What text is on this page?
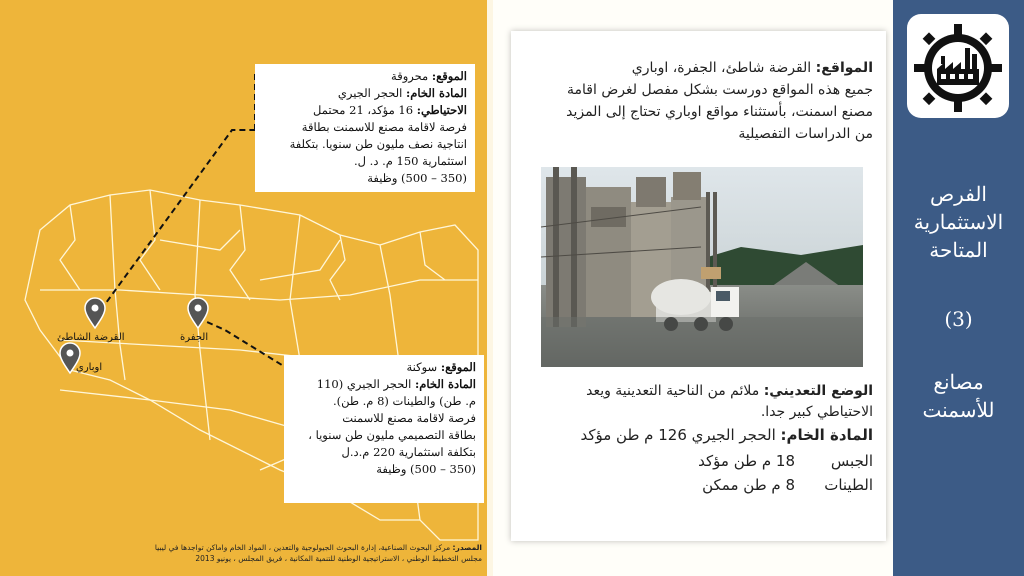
القرضة الشاطئ	الجفرة
اوباري
الموقع: محروقة
المادة الخام: الحجر الجيري
الاحتياطي: 16 مؤكد، 21 محتمل
فرصة لاقامة مصنع للاسمنت بطاقة
انتاجية نصف مليون طن سنويا. بتكلفة
استثمارية 150 م. د. ل.
(350 – 500) وظيفة
الموقع: سوكنة
المادة الخام: الحجر الجيري (110
م. طن) والطينات (8 م. طن).
فرصة لاقامة مصنع للاسمنت
بطاقة التصميمي مليون طن سنويا ،
بتكلفة استثمارية 220 م.د.ل
(350 – 500) وظيفة
المصدر: مركز البحوث الصناعية، إدارة البحوث الجيولوجية والتعدين ، المواد الخام واماكن تواجدها في ليبيا
مجلس التخطيط الوطني ، الاستراتيجية الوطنية للتنمية المكانية ، فريق المجلس ، يونيو 2013
المواقع: القرضة شاطئ، الجفرة، اوباري
جميع هذه المواقع دورست بشكل مفصل لغرض اقامة
مصنع اسمنت، بأستثناء مواقع اوباري تحتاج إلى المزيد
من الدراسات التفصيلية
الوضع التعديني: ملائم من الناحية التعدينية ويعد
الاحتياطي كبير جدا.
المادة الخام: الحجر الجيري 126 م طن مؤكد
الجبس
18 م طن مؤكد
الطينات
8 م طن ممكن
الفرص
الاستثمارية
المتاحة
(3)
مصانع
للأسمنت
